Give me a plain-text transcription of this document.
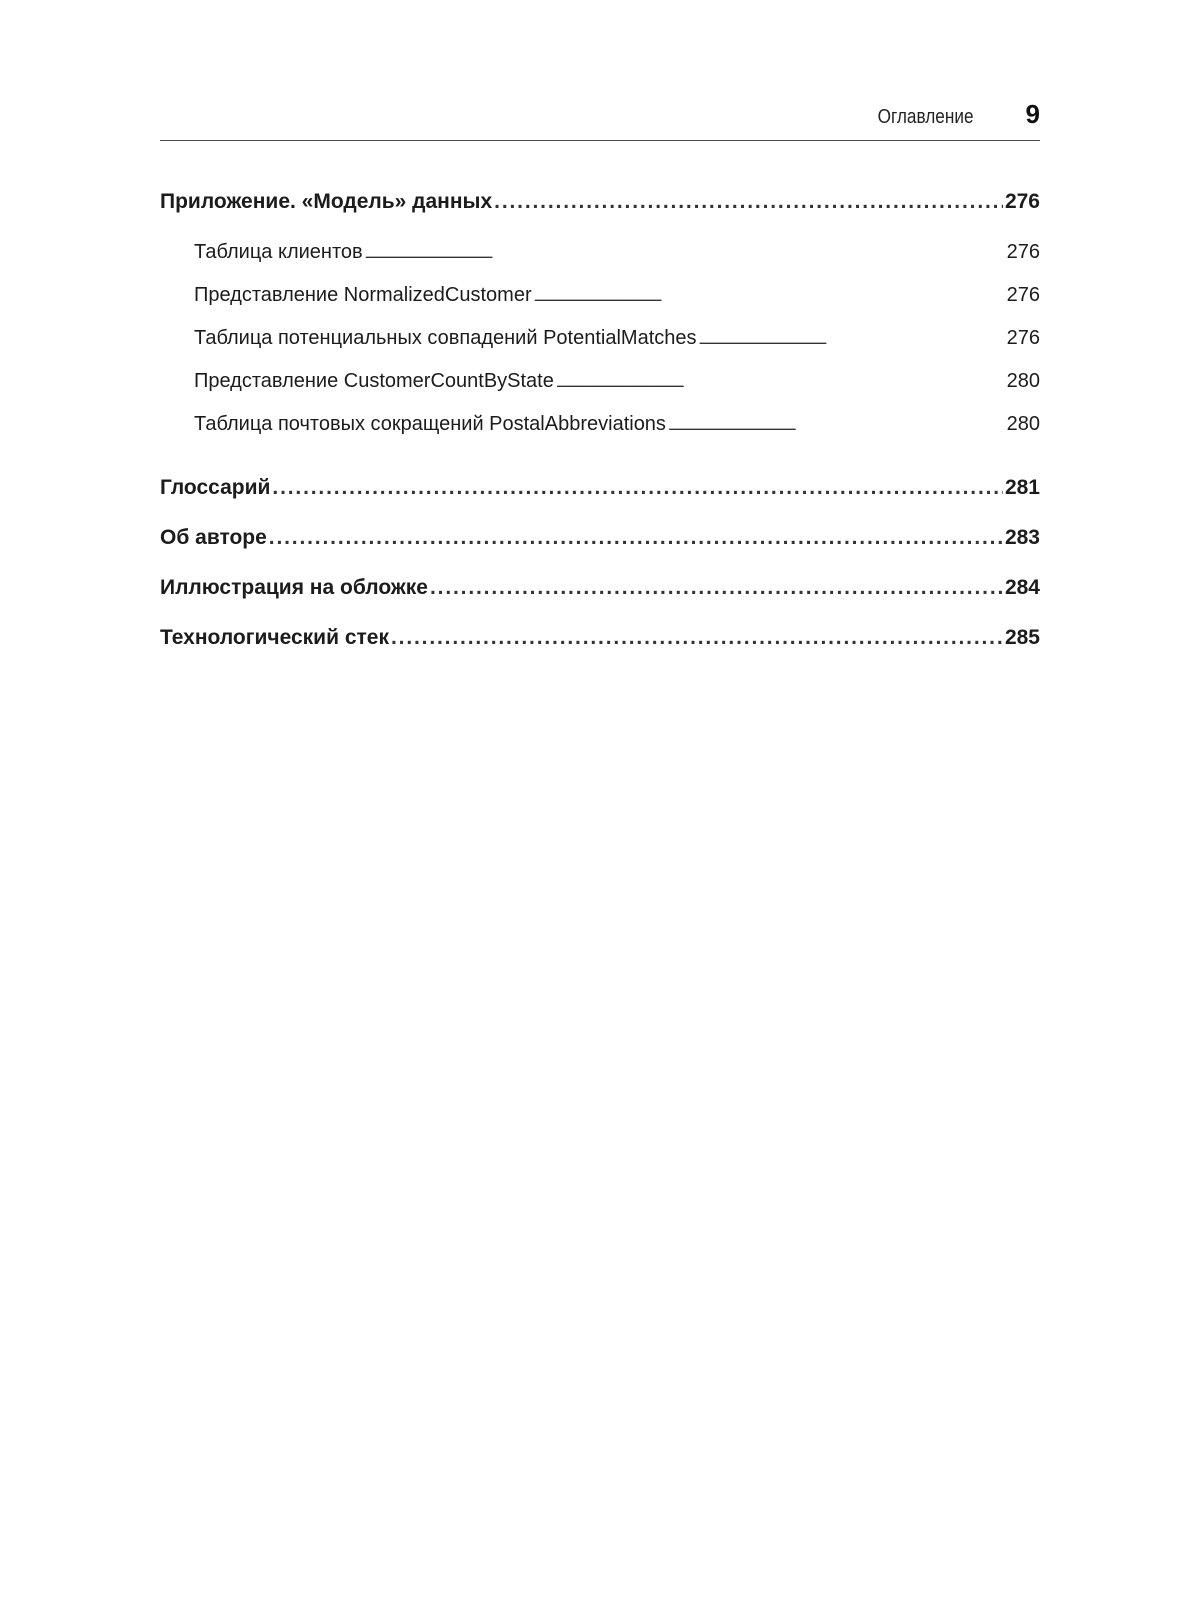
Оглавление 9
Приложение. «Модель» данных . . .	276
Таблица клиентов . . .	276
Представление NormalizedCustomer . . .	276
Таблица потенциальных совпадений PotentialMatches . . .	276
Представление CustomerCountByState . . .	280
Таблица почтовых сокращений PostalAbbreviations . . .	280
Глоссарий . . .	281
Об авторе . . .	283
Иллюстрация на обложке . . .	284
Технологический стек . . .	285
